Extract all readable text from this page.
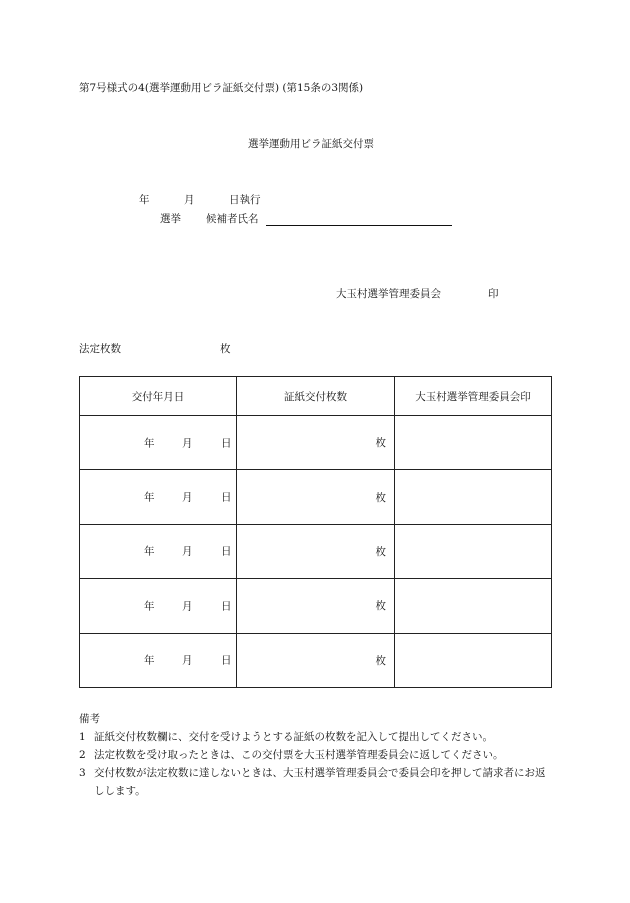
第7号様式の4(選挙運動用ビラ証紙交付票) (第15条の3関係)
選挙運動用ビラ証紙交付票
年	月	日執行
選挙 候補者氏名
大玉村選挙管理委員会	印
法定枚数	枚
交付年月日	証紙交付枚数	大玉村選挙管理委員会印

年 月 日	枚	

年 月 日	枚	

年 月 日	枚	

年 月 日	枚	

年 月 日	枚	
備考
1 証紙交付枚数欄に、交付を受けようとする証紙の枚数を記入して提出してください。
2 法定枚数を受け取ったときは、この交付票を大玉村選挙管理委員会に返してください。
3 交付枚数が法定枚数に達しないときは、大玉村選挙管理委員会で委員会印を押して請求者にお返しします。
